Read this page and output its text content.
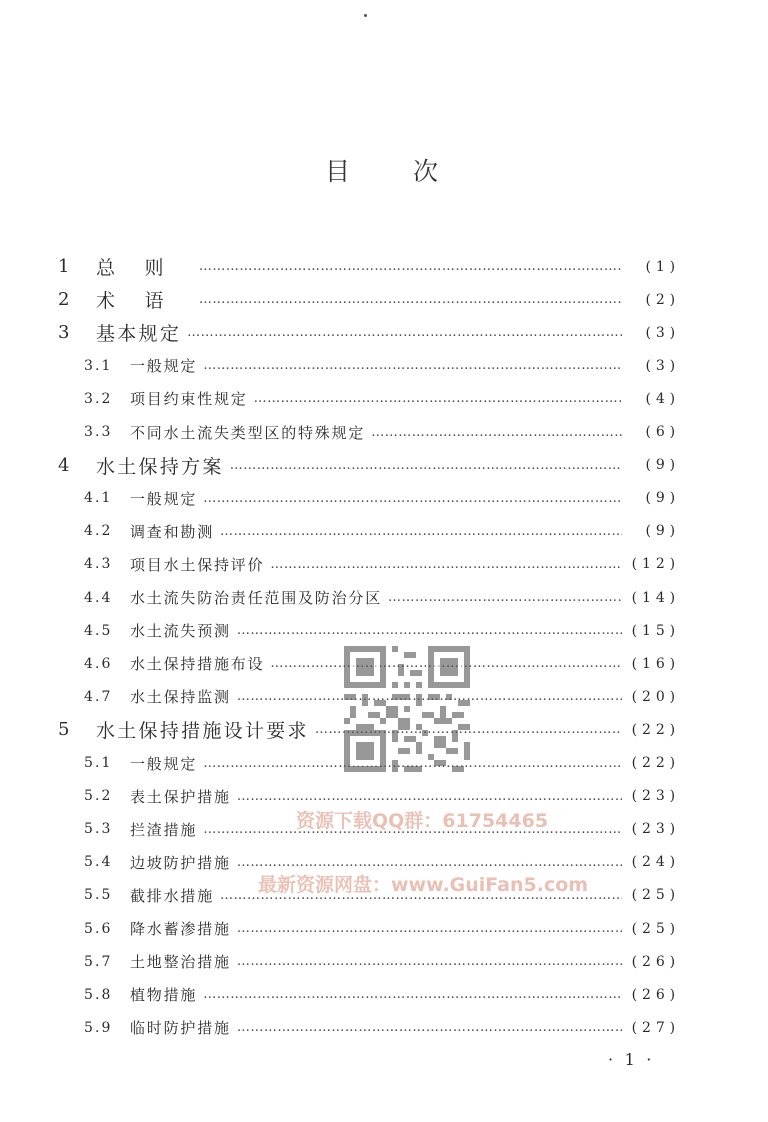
目 次
1	总则 …………………………………………………………………………………………………………………………………………………………	(1)
2	术语 …………………………………………………………………………………………………………………………………………………………	(2)
3	基本规定 …………………………………………………………………………………………………………………………………………………………	(3)
3.1	一般规定 …………………………………………………………………………………………………………………………………………………………	(3)
3.2	项目约束性规定 …………………………………………………………………………………………………………………………………………………………	(4)
3.3	不同水土流失类型区的特殊规定 …………………………………………………………………………………………………………………………………………………………	(6)
4	水土保持方案 …………………………………………………………………………………………………………………………………………………………	(9)
4.1	一般规定 …………………………………………………………………………………………………………………………………………………………	(9)
4.2	调查和勘测 …………………………………………………………………………………………………………………………………………………………	(9)
4.3	项目水土保持评价 …………………………………………………………………………………………………………………………………………………………	(12)
4.4	水土流失防治责任范围及防治分区 …………………………………………………………………………………………………………………………………………………………	(14)
4.5	水土流失预测 …………………………………………………………………………………………………………………………………………………………	(15)
4.6	水土保持措施布设 …………………………………………………………………………………………………………………………………………………………	(16)
4.7	水土保持监测 …………………………………………………………………………………………………………………………………………………………	(20)
5	水土保持措施设计要求 …………………………………………………………………………………………………………………………………………………………	(22)
5.1	一般规定 …………………………………………………………………………………………………………………………………………………………	(22)
5.2	表土保护措施 …………………………………………………………………………………………………………………………………………………………	(23)
5.3	拦渣措施 …………………………………………………………………………………………………………………………………………………………	(23)
5.4	边坡防护措施 …………………………………………………………………………………………………………………………………………………………	(24)
5.5	截排水措施 …………………………………………………………………………………………………………………………………………………………	(25)
5.6	降水蓄渗措施 …………………………………………………………………………………………………………………………………………………………	(25)
5.7	土地整治措施 …………………………………………………………………………………………………………………………………………………………	(26)
5.8	植物措施 …………………………………………………………………………………………………………………………………………………………	(26)
5.9	临时防护措施 …………………………………………………………………………………………………………………………………………………………	(27)
资源下载QQ群：61754465
最新资源网盘：www.GuiFan5.com
· 1 ·
